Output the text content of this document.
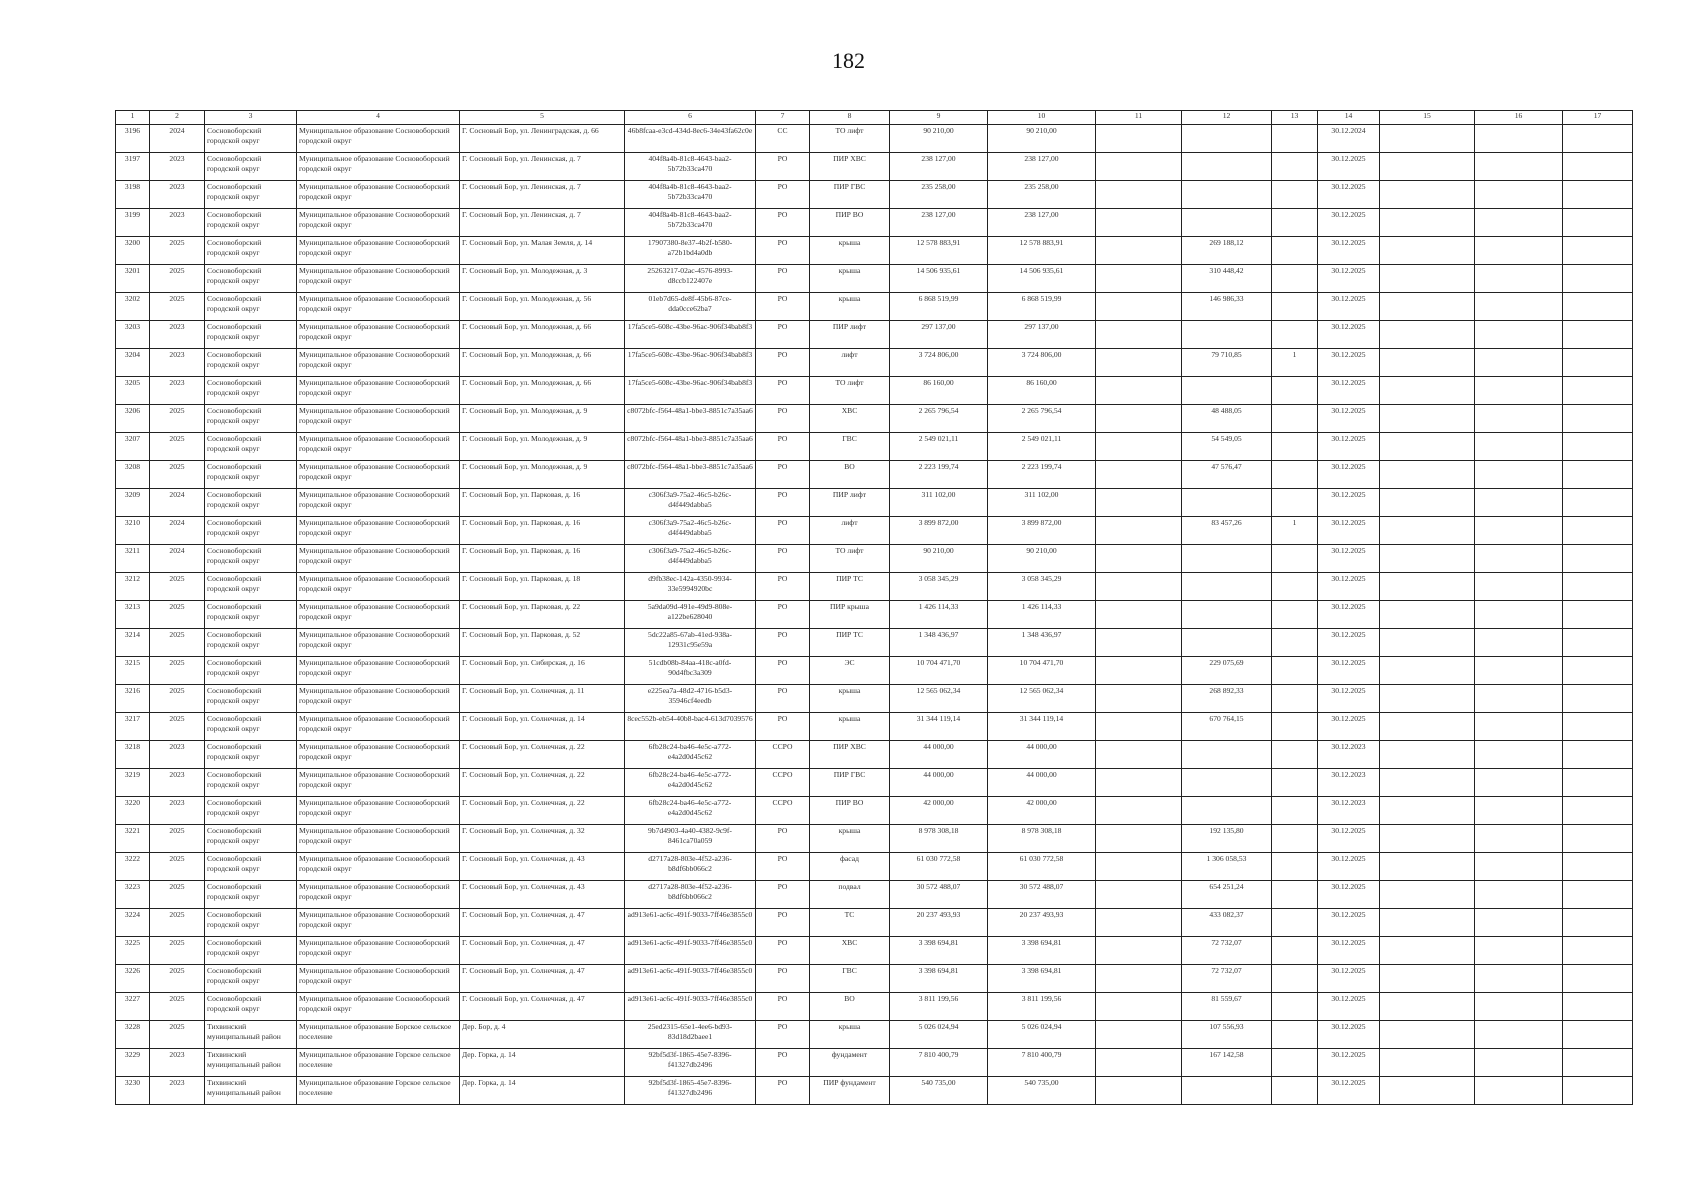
182
1	2	3	4	5	6	7	8	9	10	11	12	13	14	15	16	17
3196	2024	Сосновоборский городской округ	Муниципальное образование Сосновоборский городской округ	Г. Сосновый Бор, ул. Ленинградская, д. 66	46b8fcaa-e3cd-434d-8ec6-34e43fa62c0e	СС	ТО лифт	90 210,00	90 210,00				30.12.2024			
3197	2023	Сосновоборский городской округ	Муниципальное образование Сосновоборский городской округ	Г. Сосновый Бор, ул. Ленинская, д. 7	404f8a4b-81c8-4643-baa2-5b72b33ca470	РО	ПИР ХВС	238 127,00	238 127,00				30.12.2025			
3198	2023	Сосновоборский городской округ	Муниципальное образование Сосновоборский городской округ	Г. Сосновый Бор, ул. Ленинская, д. 7	404f8a4b-81c8-4643-baa2-5b72b33ca470	РО	ПИР ГВС	235 258,00	235 258,00				30.12.2025			
3199	2023	Сосновоборский городской округ	Муниципальное образование Сосновоборский городской округ	Г. Сосновый Бор, ул. Ленинская, д. 7	404f8a4b-81c8-4643-baa2-5b72b33ca470	РО	ПИР ВО	238 127,00	238 127,00				30.12.2025			
3200	2025	Сосновоборский городской округ	Муниципальное образование Сосновоборский городской округ	Г. Сосновый Бор, ул. Малая Земля, д. 14	17907380-8e37-4b2f-b580-a72b1bd4a0db	РО	крыша	12 578 883,91	12 578 883,91		269 188,12		30.12.2025			
3201	2025	Сосновоборский городской округ	Муниципальное образование Сосновоборский городской округ	Г. Сосновый Бор, ул. Молодежная, д. 3	25263217-02ac-4576-8993-d8ccb122407e	РО	крыша	14 506 935,61	14 506 935,61		310 448,42		30.12.2025			
3202	2025	Сосновоборский городской округ	Муниципальное образование Сосновоборский городской округ	Г. Сосновый Бор, ул. Молодежная, д. 56	01eb7d65-de8f-45b6-87ce-dda0cce62ba7	РО	крыша	6 868 519,99	6 868 519,99		146 986,33		30.12.2025			
3203	2023	Сосновоборский городской округ	Муниципальное образование Сосновоборский городской округ	Г. Сосновый Бор, ул. Молодежная, д. 66	17fa5ce5-608c-43be-96ac-906f34bab8f3	РО	ПИР лифт	297 137,00	297 137,00				30.12.2025			
3204	2023	Сосновоборский городской округ	Муниципальное образование Сосновоборский городской округ	Г. Сосновый Бор, ул. Молодежная, д. 66	17fa5ce5-608c-43be-96ac-906f34bab8f3	РО	лифт	3 724 806,00	3 724 806,00		79 710,85	1	30.12.2025			
3205	2023	Сосновоборский городской округ	Муниципальное образование Сосновоборский городской округ	Г. Сосновый Бор, ул. Молодежная, д. 66	17fa5ce5-608c-43be-96ac-906f34bab8f3	РО	ТО лифт	86 160,00	86 160,00				30.12.2025			
3206	2025	Сосновоборский городской округ	Муниципальное образование Сосновоборский городской округ	Г. Сосновый Бор, ул. Молодежная, д. 9	c8072bfc-f564-48a1-bbe3-8851c7a35aa6	РО	ХВС	2 265 796,54	2 265 796,54		48 488,05		30.12.2025			
3207	2025	Сосновоборский городской округ	Муниципальное образование Сосновоборский городской округ	Г. Сосновый Бор, ул. Молодежная, д. 9	c8072bfc-f564-48a1-bbe3-8851c7a35aa6	РО	ГВС	2 549 021,11	2 549 021,11		54 549,05		30.12.2025			
3208	2025	Сосновоборский городской округ	Муниципальное образование Сосновоборский городской округ	Г. Сосновый Бор, ул. Молодежная, д. 9	c8072bfc-f564-48a1-bbe3-8851c7a35aa6	РО	ВО	2 223 199,74	2 223 199,74		47 576,47		30.12.2025			
3209	2024	Сосновоборский городской округ	Муниципальное образование Сосновоборский городской округ	Г. Сосновый Бор, ул. Парковая, д. 16	c306f3a9-75a2-46c5-b26c-d4f449dabba5	РО	ПИР лифт	311 102,00	311 102,00				30.12.2025			
3210	2024	Сосновоборский городской округ	Муниципальное образование Сосновоборский городской округ	Г. Сосновый Бор, ул. Парковая, д. 16	c306f3a9-75a2-46c5-b26c-d4f449dabba5	РО	лифт	3 899 872,00	3 899 872,00		83 457,26	1	30.12.2025			
3211	2024	Сосновоборский городской округ	Муниципальное образование Сосновоборский городской округ	Г. Сосновый Бор, ул. Парковая, д. 16	c306f3a9-75a2-46c5-b26c-d4f449dabba5	РО	ТО лифт	90 210,00	90 210,00				30.12.2025			
3212	2025	Сосновоборский городской округ	Муниципальное образование Сосновоборский городской округ	Г. Сосновый Бор, ул. Парковая, д. 18	d9fb38ec-142a-4350-9934-33e5994920bc	РО	ПИР ТС	3 058 345,29	3 058 345,29				30.12.2025			
3213	2025	Сосновоборский городской округ	Муниципальное образование Сосновоборский городской округ	Г. Сосновый Бор, ул. Парковая, д. 22	5a9da09d-491e-49d9-808e-a122be628040	РО	ПИР крыша	1 426 114,33	1 426 114,33				30.12.2025			
3214	2025	Сосновоборский городской округ	Муниципальное образование Сосновоборский городской округ	Г. Сосновый Бор, ул. Парковая, д. 52	5dc22a85-67ab-41ed-938a-12931c95e59a	РО	ПИР ТС	1 348 436,97	1 348 436,97				30.12.2025			
3215	2025	Сосновоборский городской округ	Муниципальное образование Сосновоборский городской округ	Г. Сосновый Бор, ул. Сибирская, д. 16	51cdb08b-84aa-418c-a0fd-90d4fbc3a309	РО	ЭС	10 704 471,70	10 704 471,70		229 075,69		30.12.2025			
3216	2025	Сосновоборский городской округ	Муниципальное образование Сосновоборский городской округ	Г. Сосновый Бор, ул. Солнечная, д. 11	e225ea7a-48d2-4716-b5d3-35946cf4eedb	РО	крыша	12 565 062,34	12 565 062,34		268 892,33		30.12.2025			
3217	2025	Сосновоборский городской округ	Муниципальное образование Сосновоборский городской округ	Г. Сосновый Бор, ул. Солнечная, д. 14	8cec552b-eb54-40b8-bac4-613d7039576	РО	крыша	31 344 119,14	31 344 119,14		670 764,15		30.12.2025			
3218	2023	Сосновоборский городской округ	Муниципальное образование Сосновоборский городской округ	Г. Сосновый Бор, ул. Солнечная, д. 22	6fb28c24-ba46-4e5c-a772-e4a2d0d45c62	ССРО	ПИР ХВС	44 000,00	44 000,00				30.12.2023			
3219	2023	Сосновоборский городской округ	Муниципальное образование Сосновоборский городской округ	Г. Сосновый Бор, ул. Солнечная, д. 22	6fb28c24-ba46-4e5c-a772-e4a2d0d45c62	ССРО	ПИР ГВС	44 000,00	44 000,00				30.12.2023			
3220	2023	Сосновоборский городской округ	Муниципальное образование Сосновоборский городской округ	Г. Сосновый Бор, ул. Солнечная, д. 22	6fb28c24-ba46-4e5c-a772-e4a2d0d45c62	ССРО	ПИР ВО	42 000,00	42 000,00				30.12.2023			
3221	2025	Сосновоборский городской округ	Муниципальное образование Сосновоборский городской округ	Г. Сосновый Бор, ул. Солнечная, д. 32	9b7d4903-4a40-4382-9c9f-8461ca70a059	РО	крыша	8 978 308,18	8 978 308,18		192 135,80		30.12.2025			
3222	2025	Сосновоборский городской округ	Муниципальное образование Сосновоборский городской округ	Г. Сосновый Бор, ул. Солнечная, д. 43	d2717a28-803e-4f52-a236-b8df6bb066c2	РО	фасад	61 030 772,58	61 030 772,58		1 306 058,53		30.12.2025			
3223	2025	Сосновоборский городской округ	Муниципальное образование Сосновоборский городской округ	Г. Сосновый Бор, ул. Солнечная, д. 43	d2717a28-803e-4f52-a236-b8df6bb066c2	РО	подвал	30 572 488,07	30 572 488,07		654 251,24		30.12.2025			
3224	2025	Сосновоборский городской округ	Муниципальное образование Сосновоборский городской округ	Г. Сосновый Бор, ул. Солнечная, д. 47	ad913e61-ac6c-491f-9033-7ff46e3855c0	РО	ТС	20 237 493,93	20 237 493,93		433 082,37		30.12.2025			
3225	2025	Сосновоборский городской округ	Муниципальное образование Сосновоборский городской округ	Г. Сосновый Бор, ул. Солнечная, д. 47	ad913e61-ac6c-491f-9033-7ff46e3855c0	РО	ХВС	3 398 694,81	3 398 694,81		72 732,07		30.12.2025			
3226	2025	Сосновоборский городской округ	Муниципальное образование Сосновоборский городской округ	Г. Сосновый Бор, ул. Солнечная, д. 47	ad913e61-ac6c-491f-9033-7ff46e3855c0	РО	ГВС	3 398 694,81	3 398 694,81		72 732,07		30.12.2025			
3227	2025	Сосновоборский городской округ	Муниципальное образование Сосновоборский городской округ	Г. Сосновый Бор, ул. Солнечная, д. 47	ad913e61-ac6c-491f-9033-7ff46e3855c0	РО	ВО	3 811 199,56	3 811 199,56		81 559,67		30.12.2025			
3228	2025	Тихвинский муниципальный район	Муниципальное образование Борское сельское поселение	Дер. Бор, д. 4	25ed2315-65e1-4ee6-bd93-83d18d2baee1	РО	крыша	5 026 024,94	5 026 024,94		107 556,93		30.12.2025			
3229	2023	Тихвинский муниципальный район	Муниципальное образование Горское сельское поселение	Дер. Горка, д. 14	92bf5d3f-1865-45e7-8396-f41327db2496	РО	фундамент	7 810 400,79	7 810 400,79		167 142,58		30.12.2025			
3230	2023	Тихвинский муниципальный район	Муниципальное образование Горское сельское поселение	Дер. Горка, д. 14	92bf5d3f-1865-45e7-8396-f41327db2496	РО	ПИР фундамент	540 735,00	540 735,00				30.12.2025			
